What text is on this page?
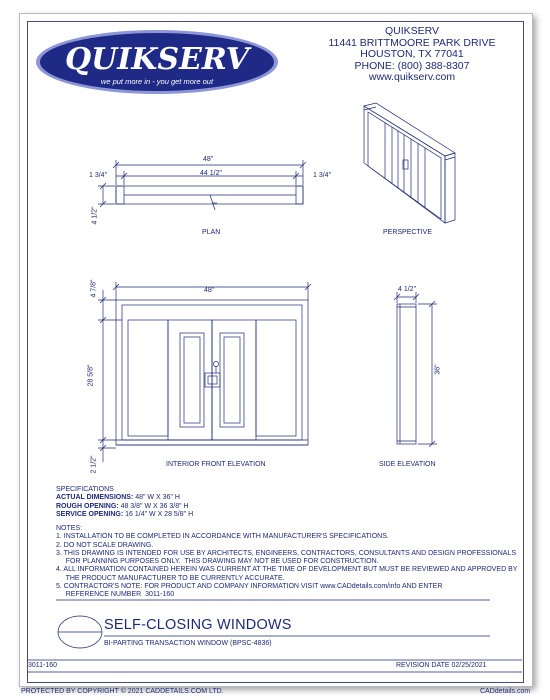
QUIKSERV
we put more in - you get more out
QUIKSERV
11441 BRITTMOORE PARK DRIVE
HOUSTON, TX 77041
PHONE: (800) 388-8307
www.quikserv.com
48"
44 1/2"
1 3/4"	1 3/4"
4 1/2"
PLAN	PERSPECTIVE
48"
4 7/8"
28 5/8"
2 1/2"	INTERIOR FRONT ELEVATION
4 1/2"
36"
SIDE ELEVATION
SPECIFICATIONS
ACTUAL DIMENSIONS: 48" W X 36" H
ROUGH OPENING: 48 3/8" W X 36 3/8" H
SERVICE OPENING: 16 1/4" W X 28 5/8" H
NOTES:
1. INSTALLATION TO BE COMPLETED IN ACCORDANCE WITH MANUFACTURER'S SPECIFICATIONS.
2. DO NOT SCALE DRAWING.
3. THIS DRAWING IS INTENDED FOR USE BY ARCHITECTS, ENGINEERS, CONTRACTORS, CONSULTANTS AND DESIGN PROFESSIONALS
FOR PLANNING PURPOSES ONLY.  THIS DRAWING MAY NOT BE USED FOR CONSTRUCTION.
4. ALL INFORMATION CONTAINED HEREIN WAS CURRENT AT THE TIME OF DEVELOPMENT BUT MUST BE REVIEWED AND APPROVED BY
THE PRODUCT MANUFACTURER TO BE CURRENTLY ACCURATE.
5. CONTRACTOR'S NOTE: FOR PRODUCT AND COMPANY INFORMATION VISIT www.CADdetails.com/info AND ENTER
REFERENCE NUMBER  3011-160
SELF-CLOSING WINDOWS
BI-PARTING TRANSACTION WINDOW (BPSC-4836)
3011-160	REVISION DATE 02/25/2021
PROTECTED BY COPYRIGHT © 2021 CADDETAILS.COM LTD.	CADdetails.com
